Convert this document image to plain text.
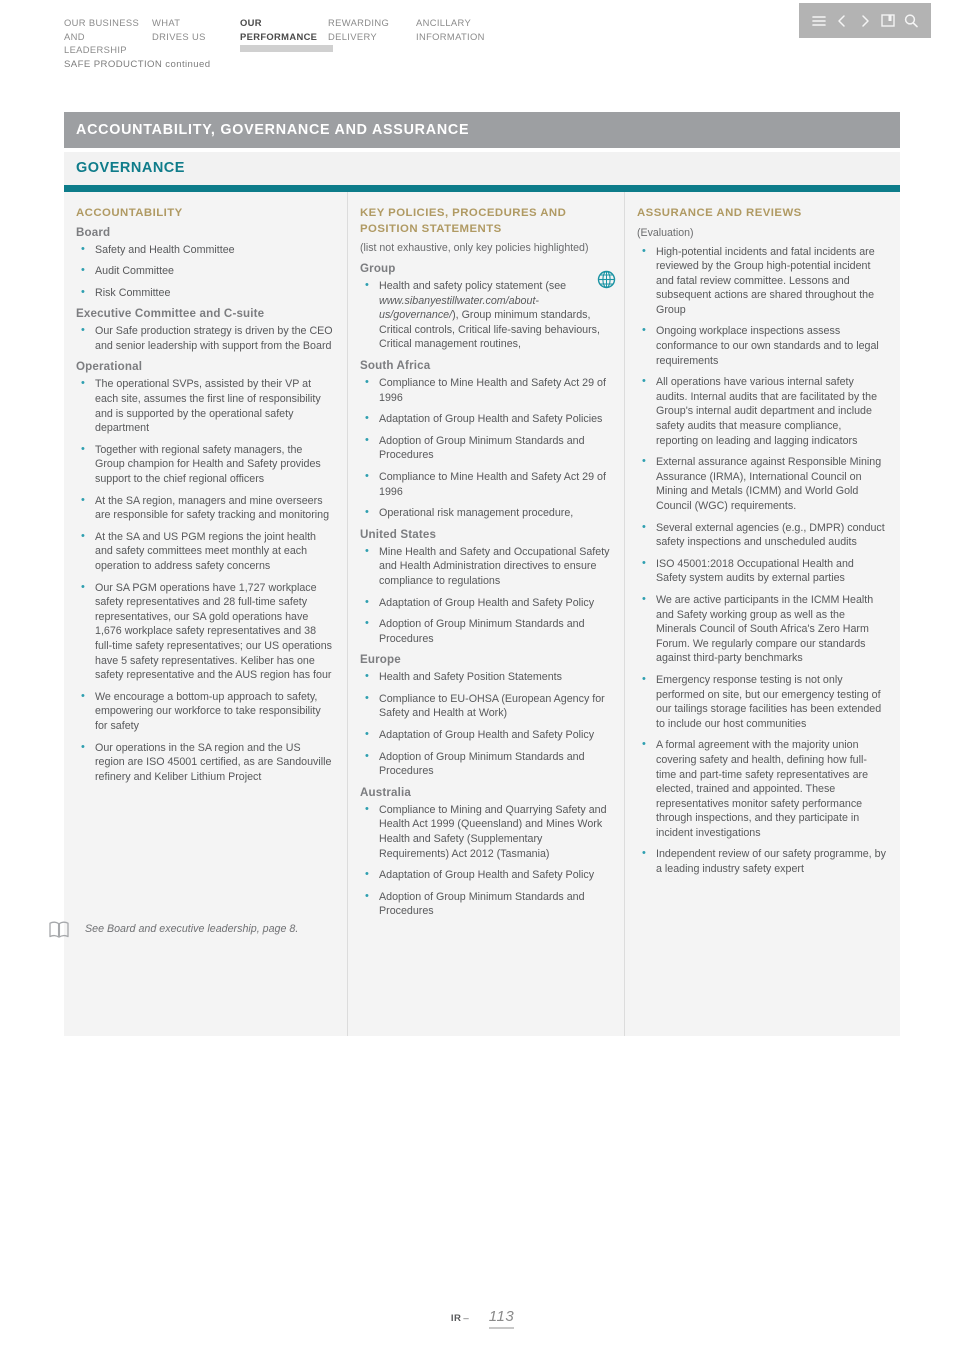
OUR BUSINESS AND
LEADERSHIP
WHAT
DRIVES US
OUR
PERFORMANCE
REWARDING
DELIVERY
ANCILLARY
INFORMATION
SAFE PRODUCTION continued
ACCOUNTABILITY, GOVERNANCE AND ASSURANCE
GOVERNANCE
ACCOUNTABILITY
Board
• Safety and Health Committee
• Audit Committee
• Risk Committee
Executive Committee and C-suite
• Our Safe production strategy is driven by the CEO and senior leadership with support from the Board
Operational
• The operational SVPs, assisted by their VP at each site, assumes the first line of responsibility and is supported by the operational safety department
• Together with regional safety managers, the Group champion for Health and Safety provides support to the chief regional officers
• At the SA region, managers and mine overseers are responsible for safety tracking and monitoring
• At the SA and US PGM regions the joint health and safety committees meet monthly at each operation to address safety concerns
• Our SA PGM operations have 1,727 workplace safety representatives and 28 full-time safety representatives, our SA gold operations have 1,676 workplace safety representatives and 38 full-time safety representatives; our US operations have 5 safety representatives. Keliber has one safety representative and the AUS region has four
• We encourage a bottom-up approach to safety, empowering our workforce to take responsibility for safety
• Our operations in the SA region and the US region are ISO 45001 certified, as are Sandouville refinery and Keliber Lithium Project
See Board and executive leadership, page 8.
KEY POLICIES, PROCEDURES AND POSITION STATEMENTS
(list not exhaustive, only key policies highlighted)
Group
• Health and safety policy statement (see www.sibanyestillwater.com/about-us/governance/), Group minimum standards, Critical controls, Critical life-saving behaviours, Critical management routines,
South Africa
• Compliance to Mine Health and Safety Act 29 of 1996
• Adaptation of Group Health and Safety Policies
• Adoption of Group Minimum Standards and Procedures
• Compliance to Mine Health and Safety Act 29 of 1996
• Operational risk management procedure,
United States
• Mine Health and Safety and Occupational Safety and Health Administration directives to ensure compliance to regulations
• Adaptation of Group Health and Safety Policy
• Adoption of Group Minimum Standards and Procedures
Europe
• Health and Safety Position Statements
• Compliance to EU-OHSA (European Agency for Safety and Health at Work)
• Adaptation of Group Health and Safety Policy
• Adoption of Group Minimum Standards and Procedures
Australia
• Compliance to Mining and Quarrying Safety and Health Act 1999 (Queensland) and Mines Work Health and Safety (Supplementary Requirements) Act 2012 (Tasmania)
• Adaptation of Group Health and Safety Policy
• Adoption of Group Minimum Standards and Procedures
ASSURANCE AND REVIEWS
(Evaluation)
• High-potential incidents and fatal incidents are reviewed by the Group high-potential incident and fatal review committee. Lessons and subsequent actions are shared throughout the Group
• Ongoing workplace inspections assess conformance to our own standards and to legal requirements
• All operations have various internal safety audits. Internal audits that are facilitated by the Group's internal audit department and include safety audits that measure compliance, reporting on leading and lagging indicators
• External assurance against Responsible Mining Assurance (IRMA), International Council on Mining and Metals (ICMM) and World Gold Council (WGC) requirements.
• Several external agencies (e.g., DMPR) conduct safety inspections and unscheduled audits
• ISO 45001:2018 Occupational Health and Safety system audits by external parties
• We are active participants in the ICMM Health and Safety working group as well as the Minerals Council of South Africa's Zero Harm Forum. We regularly compare our standards against third-party benchmarks
• Emergency response testing is not only performed on site, but our emergency testing of our tailings storage facilities has been extended to include our host communities
• A formal agreement with the majority union covering safety and health, defining how full-time and part-time safety representatives are elected, trained and appointed. These representatives monitor safety performance through inspections, and they participate in incident investigations
• Independent review of our safety programme, by a leading industry safety expert
IR – 113
